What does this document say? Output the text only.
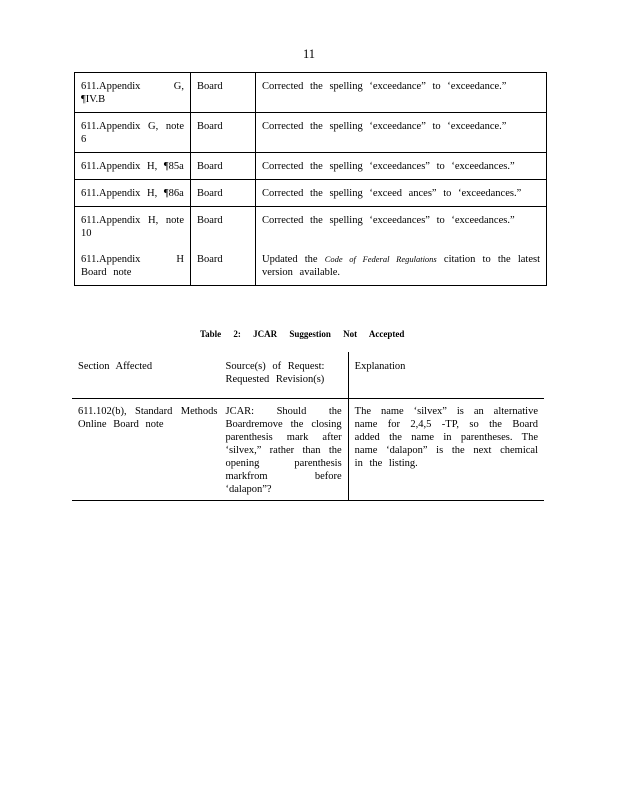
11
611.Appendix G, ¶IV.B	Board	Corrected the spelling ‘exceedance” to ‘exceedance.”
611.Appendix G, note 6	Board	Corrected the spelling ‘exceedance” to ‘exceedance.”
611.Appendix H, ¶85a	Board	Corrected the spelling ‘exceedances” to ‘exceedances.”
611.Appendix H, ¶86a	Board	Corrected the spelling ‘exceed ances” to ‘exceedances.”
611.Appendix H, note 10	Board	Corrected the spelling ‘exceedances” to ‘exceedances.”
611.Appendix H Board note	Board	Updated the Code of Federal Regulations citation to the latest version available.
Table 2: JCAR Suggestion Not Accepted
Section Affected	Source(s) of Request: Requested Revision(s)	Explanation
611.102(b), Standard Methods Online Board note	JCAR: Should the Boardremove the closing parenthesis mark after ‘silvex,” rather than the opening parenthesis markfrom before ‘dalapon”?	The name ‘silvex” is an alternative name for 2,4,5 -TP, so the Board added the name in parentheses. The name ‘dalapon” is the next chemical in the listing.
